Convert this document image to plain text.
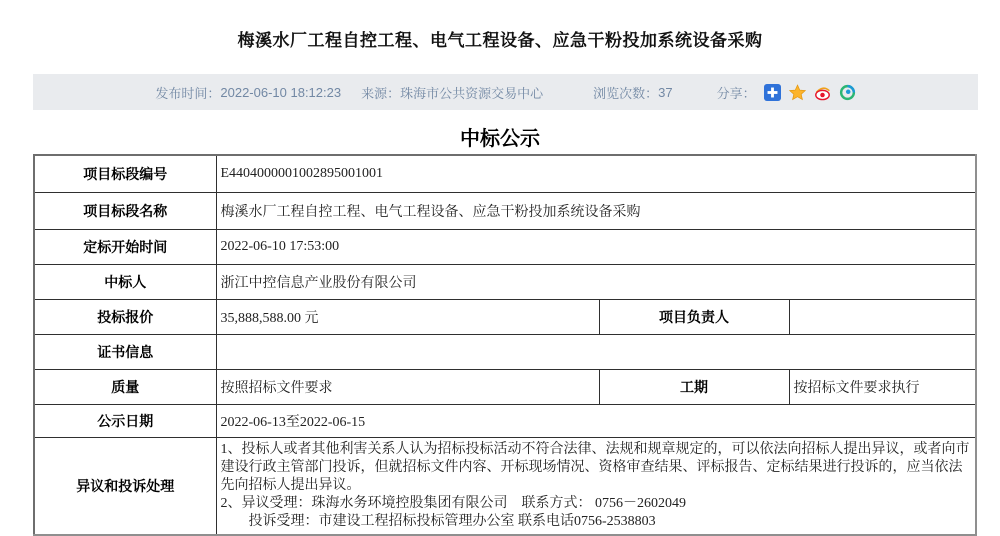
梅溪水厂工程自控工程、电气工程设备、应急干粉投加系统设备采购
发布时间： 2022-06-10 18:12:23 来源： 珠海市公共资源交易中心	浏览次数： 37	分享：
中标公示
项目标段编号	E4404000001002895001001		
项目标段名称	梅溪水厂工程自控工程、电气工程设备、应急干粉投加系统设备采购		
定标开始时间	2022-06-10 17:53:00		
中标人	浙江中控信息产业股份有限公司		
投标报价	35,888,588.00 元	项目负责人	
证书信息			
质量	按照招标文件要求	工期	按招标文件要求执行
公示日期	2022-06-13至2022-06-15		
异议和投诉处理	1、投标人或者其他利害关系人认为招标投标活动不符合法律、法规和规章规定的，可以依法向招标人提出异议，或者向市建设行政主管部门投诉，但就招标文件内容、开标现场情况、资格审查结果、评标报告、定标结果进行投诉的，应当依法先向招标人提出异议。
2、异议受理：珠海水务环境控股集团有限公司　联系方式： 0756－2602049
　　投诉受理：市建设工程招标投标管理办公室 联系电话0756-2538803		
